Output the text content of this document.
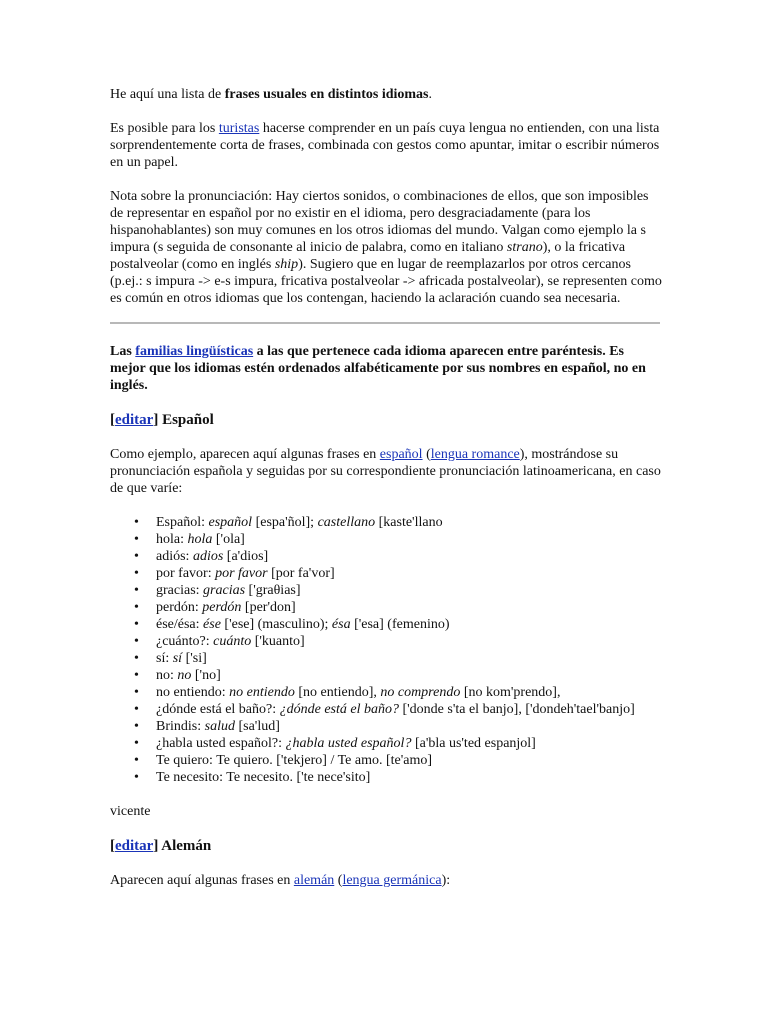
He aquí una lista de frases usuales en distintos idiomas.

Es posible para los turistas hacerse comprender en un país cuya lengua no entienden, con una lista sorprendentemente corta de frases, combinada con gestos como apuntar, imitar o escribir números en un papel.

Nota sobre la pronunciación: Hay ciertos sonidos, o combinaciones de ellos, que son imposibles de representar en español por no existir en el idioma, pero desgraciadamente (para los hispanohablantes) son muy comunes en los otros idiomas del mundo. Valgan como ejemplo la s impura (s seguida de consonante al inicio de palabra, como en italiano strano), o la fricativa postalveolar (como en inglés ship). Sugiero que en lugar de reemplazarlos por otros cercanos (p.ej.: s impura -> e-s impura, fricativa postalveolar -> africada postalveolar), se representen como es común en otros idiomas que los contengan, haciendo la aclaración cuando sea necesaria.

Las familias lingüísticas a las que pertenece cada idioma aparecen entre paréntesis. Es mejor que los idiomas estén ordenados alfabéticamente por sus nombres en español, no en inglés.

[editar] Español

Como ejemplo, aparecen aquí algunas frases en español (lengua romance), mostrándose su pronunciación española y seguidas por su correspondiente pronunciación latinoamericana, en caso de que varíe:

• Español: español [espa'ñol]; castellano [kaste'llano
• hola: hola ['ola]
• adiós: adios [a'dios]
• por favor: por favor [por fa'vor]
• gracias: gracias ['graθias]
• perdón: perdón [per'don]
• ése/ésa: ése ['ese] (masculino); ésa ['esa] (femenino)
• ¿cuánto?: cuánto ['kuanto]
• sí: sí ['si]
• no: no ['no]
• no entiendo: no entiendo [no entiendo], no comprendo [no kom'prendo],
• ¿dónde está el baño?: ¿dónde está el baño? ['donde s'ta el banjo], ['dondeh'tael'banjo]
• Brindis: salud [sa'lud]
• ¿habla usted español?: ¿habla usted español? [a'bla us'ted espanjol]
• Te quiero: Te quiero. ['tekjero] / Te amo. [te'amo]
• Te necesito: Te necesito. ['te nece'sito]

vicente

[editar] Alemán

Aparecen aquí algunas frases en alemán (lengua germánica):
